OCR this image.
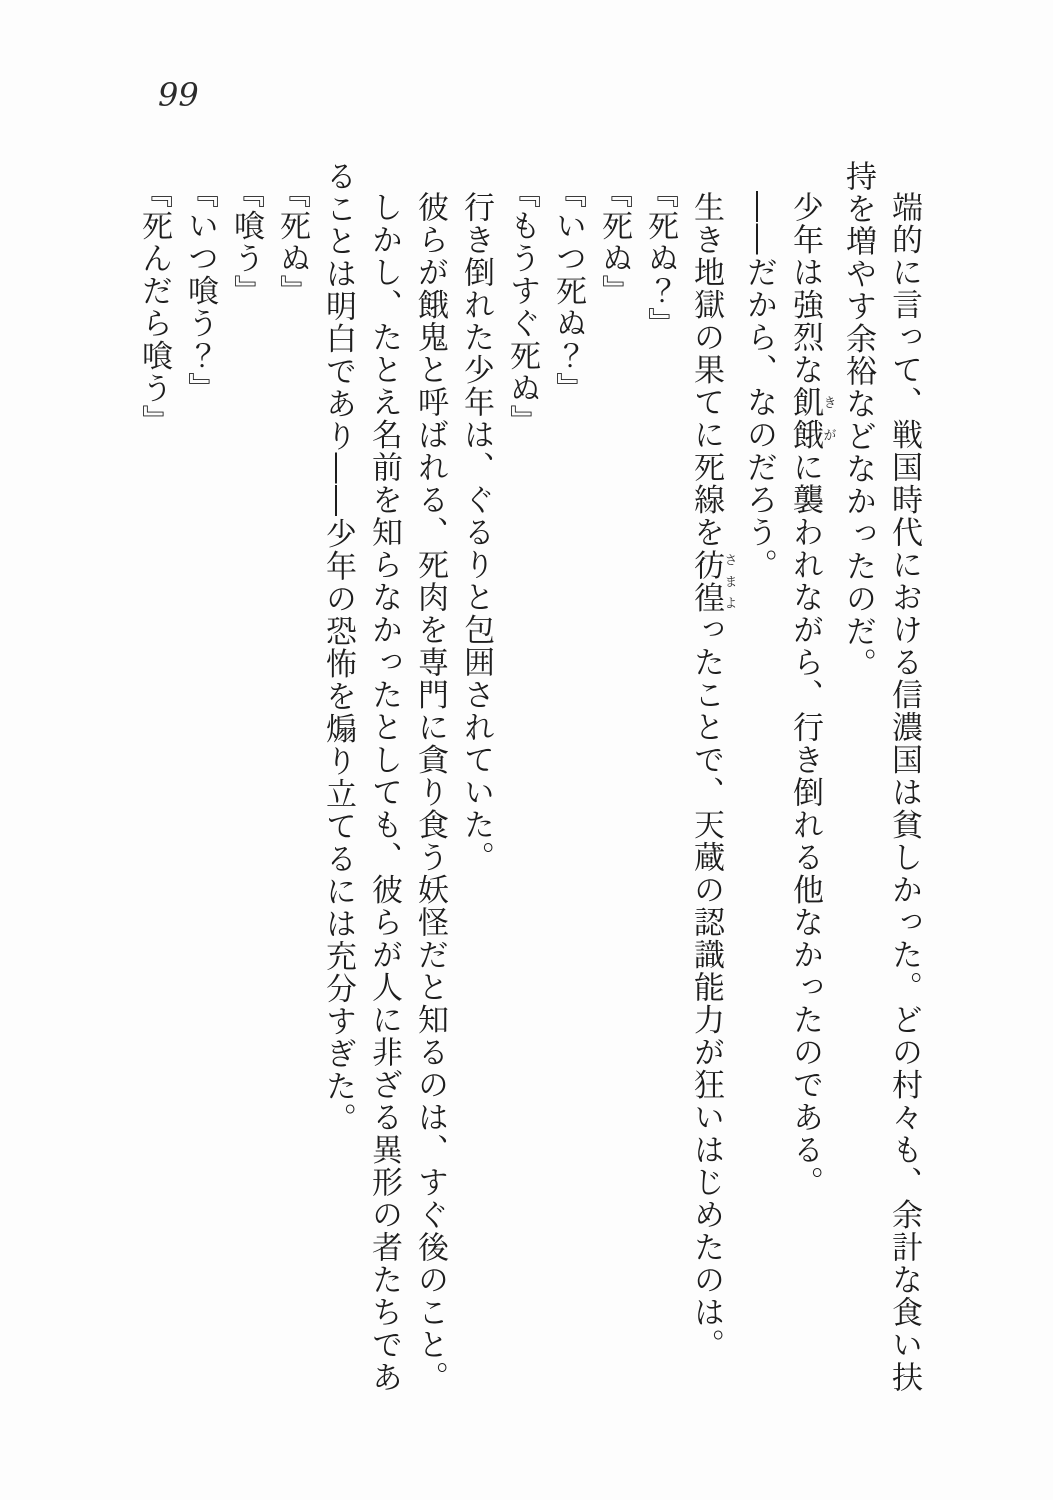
99

端的に言って、戦国時代における信濃国は貧しかった。どの村々も、余計な食い扶持を増やす余裕などなかったのだ。

少年は強烈な飢餓きがに襲われながら、行き倒れる他なかったのである。

――だから、なのだろう。

生き地獄の果てに死線を彷徨さまよったことで、天蔵の認識能力が狂いはじめたのは。

『死ぬ？』

『死ぬ』

『いつ死ぬ？』

『もうすぐ死ぬ』

行き倒れた少年は、ぐるりと包囲されていた。

彼らが餓鬼と呼ばれる、死肉を専門に貪り食う妖怪だと知るのは、すぐ後のこと。

しかし、たとえ名前を知らなかったとしても、彼らが人に非ざる異形の者たちであることは明白であり――少年の恐怖を煽り立てるには充分すぎた。

『死ぬ』

『喰う』

『いつ喰う？』

『死んだら喰う』
